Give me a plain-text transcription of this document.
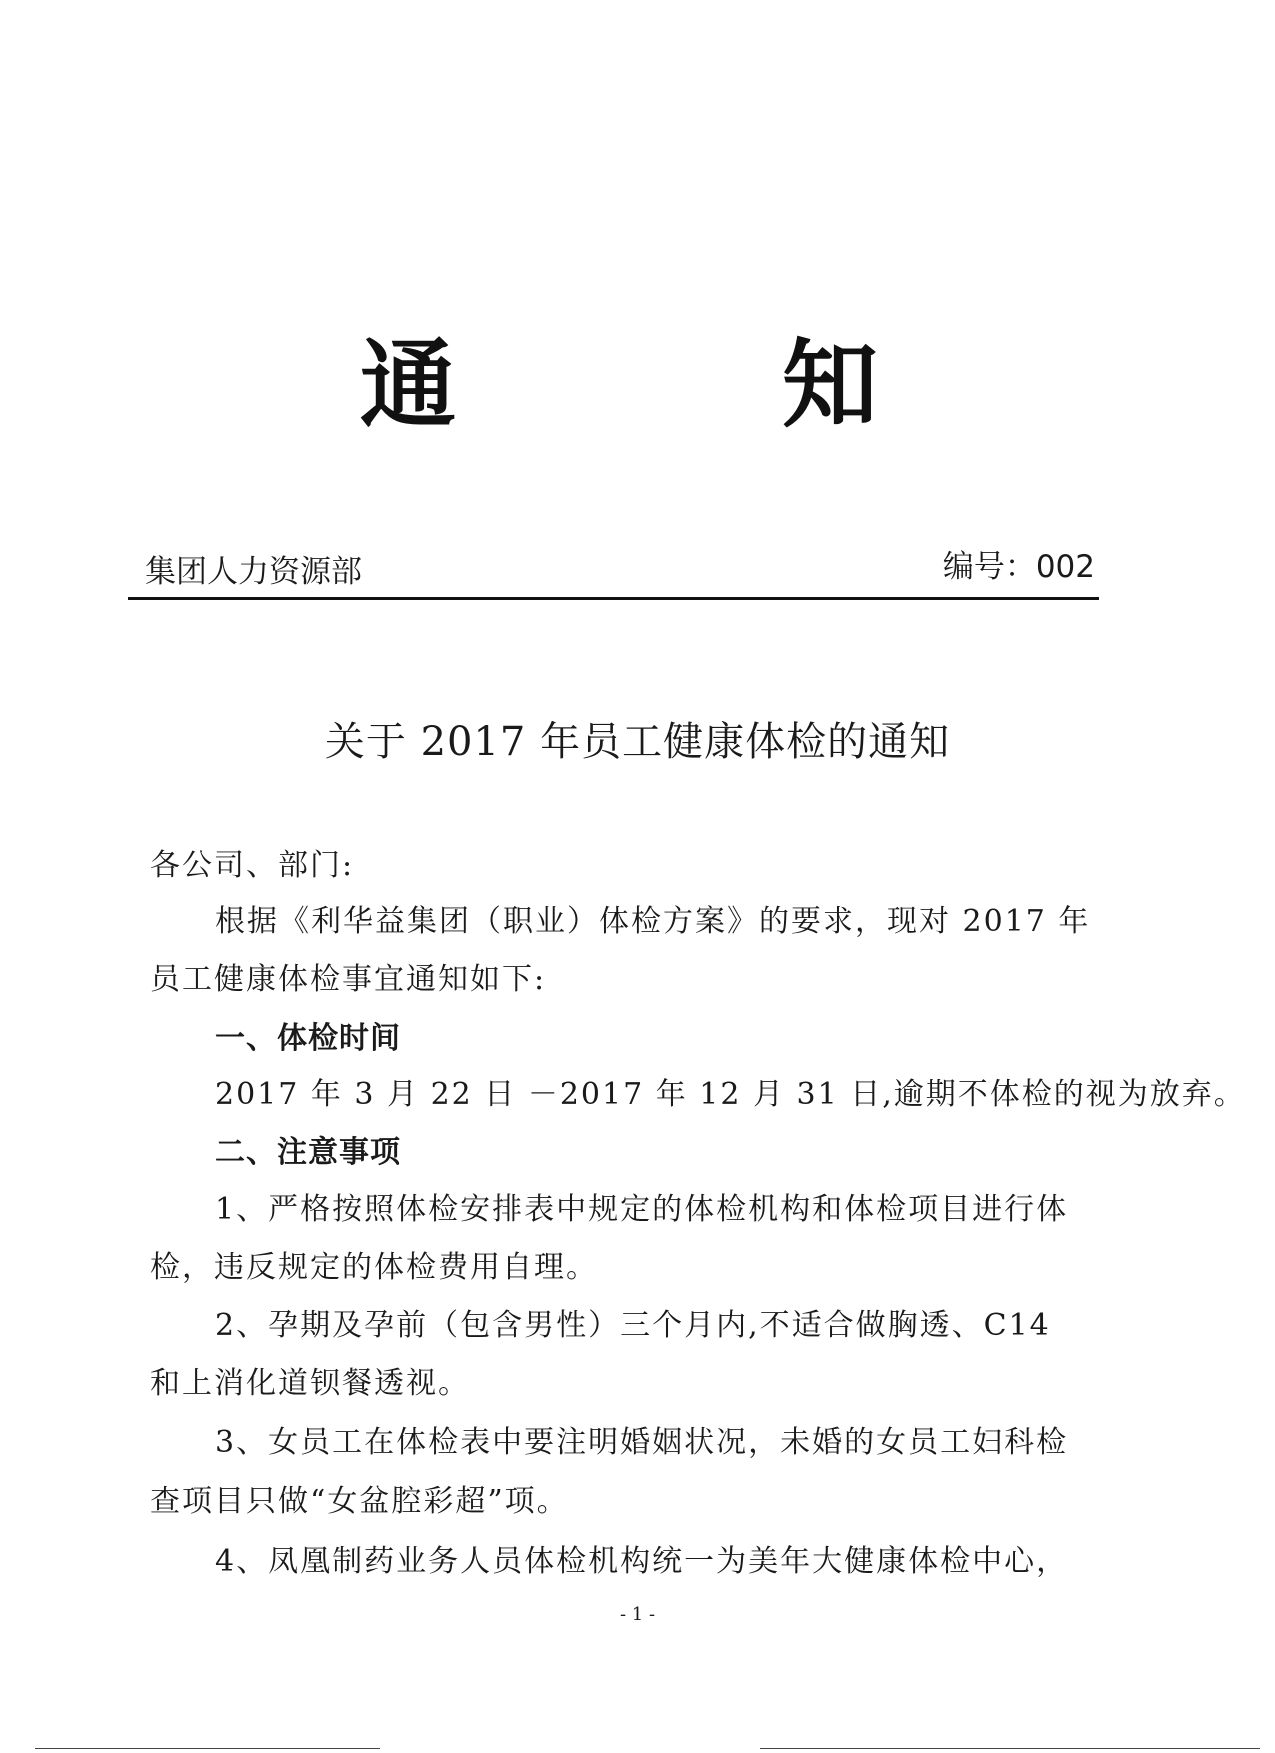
通	知
集团人力资源部	编号：002
关于 2017 年员工健康体检的通知
各公司、部门:
根据《利华益集团（职业）体检方案》的要求，现对 2017 年
员工健康体检事宜通知如下:
一、体检时间
2017 年 3 月 22 日 －2017 年 12 月 31 日,逾期不体检的视为放弃。
二、注意事项
1、严格按照体检安排表中规定的体检机构和体检项目进行体
检，违反规定的体检费用自理。
2、孕期及孕前（包含男性）三个月内,不适合做胸透、C14
和上消化道钡餐透视。
3、女员工在体检表中要注明婚姻状况，未婚的女员工妇科检
查项目只做“女盆腔彩超”项。
4、凤凰制药业务人员体检机构统一为美年大健康体检中心，
- 1 -
